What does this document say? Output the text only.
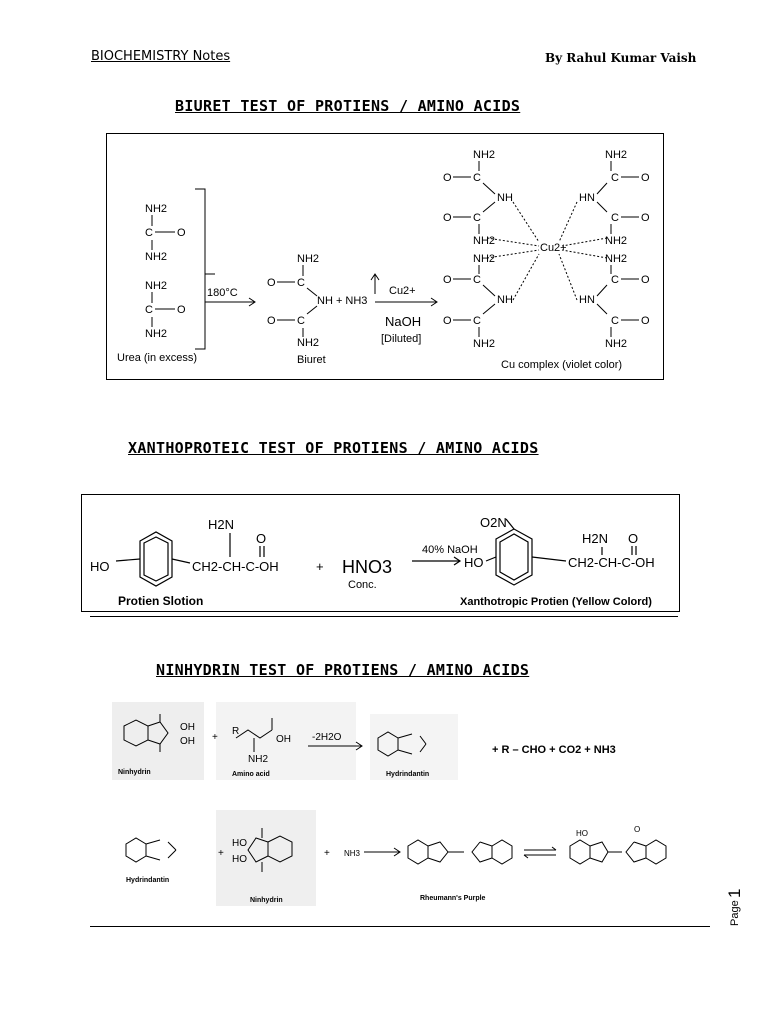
BIOCHEMISTRY Notes	By Rahul Kumar Vaish
BIURET TEST OF PROTIENS / AMINO ACIDS
NH2
C O
NH2
NH2
C O
NH2
Urea (in excess)
180°C
NH2
O C
NH + NH3
O C
NH2
Biuret
Cu2+
NaOH
[Diluted]
NH2
O C
NH
O C
NH2
NH2
O C
NH
O C
NH2
Cu2+
NH2
C O
HN
C O
NH2
NH2
C O
HN
C O
NH2
Cu complex (violet color)
XANTHOPROTEIC TEST OF PROTIENS / AMINO ACIDS
HO
H2N
O
CH2-CH-C-OH	+ HNO3
Conc.
40% NaOH
O2N
HO
H2N O
CH2-CH-C-OH
Protien Slotion	Xanthotropic Protien (Yellow Colord)
NINHYDRIN TEST OF PROTIENS / AMINO ACIDS
OH
OH +
R
OH
NH2
-2H2O
+ R – CHO + CO2 + NH3
Ninhydrin	Amino acid	Hydrindantin
Hydrindantin
HO
HO
Ninhydrin
NH3
+
+
Rheumann's Purple
HO	O
Page
1
